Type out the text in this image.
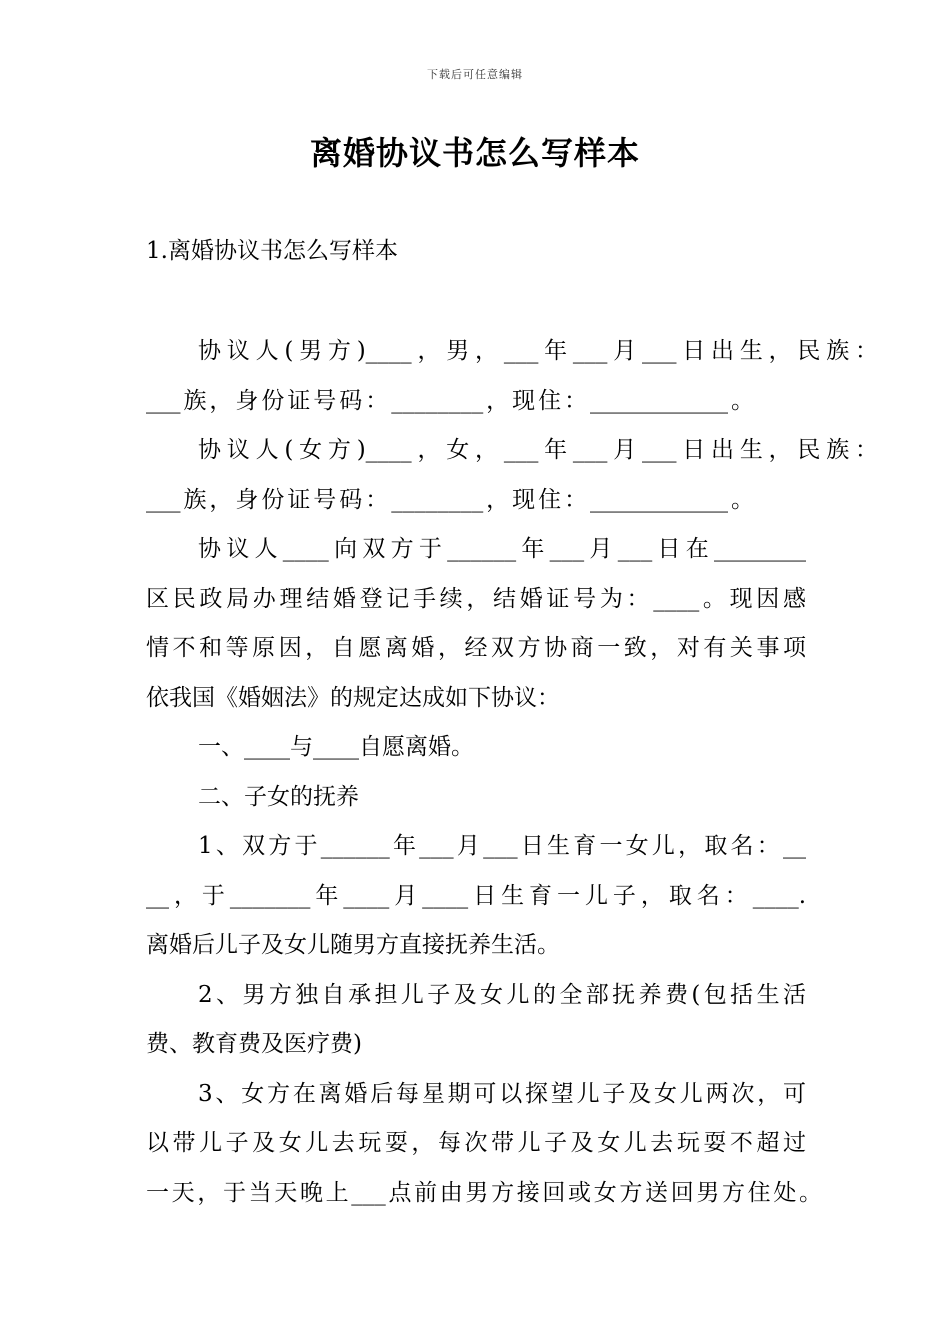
下载后可任意编辑
离婚协议书怎么写样本
1.离婚协议书怎么写样本
协议人(男方)____，男，___年___月___日出生，民族：
___族，身份证号码：________，现住：____________。
协议人(女方)____，女，___年___月___日出生，民族：
___族，身份证号码：________，现住：____________。
协议人____向双方于______年___月___日在________
区民政局办理结婚登记手续，结婚证号为：____。现因感
情不和等原因，自愿离婚，经双方协商一致，对有关事项
依我国《婚姻法》的规定达成如下协议：
一、____与____自愿离婚。
二、子女的抚养
1、双方于______年___月___日生育一女儿，取名：__
__，于_______年____月____日生育一儿子，取名：____.
离婚后儿子及女儿随男方直接抚养生活。
2、男方独自承担儿子及女儿的全部抚养费(包括生活
费、教育费及医疗费)
3、女方在离婚后每星期可以探望儿子及女儿两次，可
以带儿子及女儿去玩耍，每次带儿子及女儿去玩耍不超过
一天，于当天晚上___点前由男方接回或女方送回男方住处。
